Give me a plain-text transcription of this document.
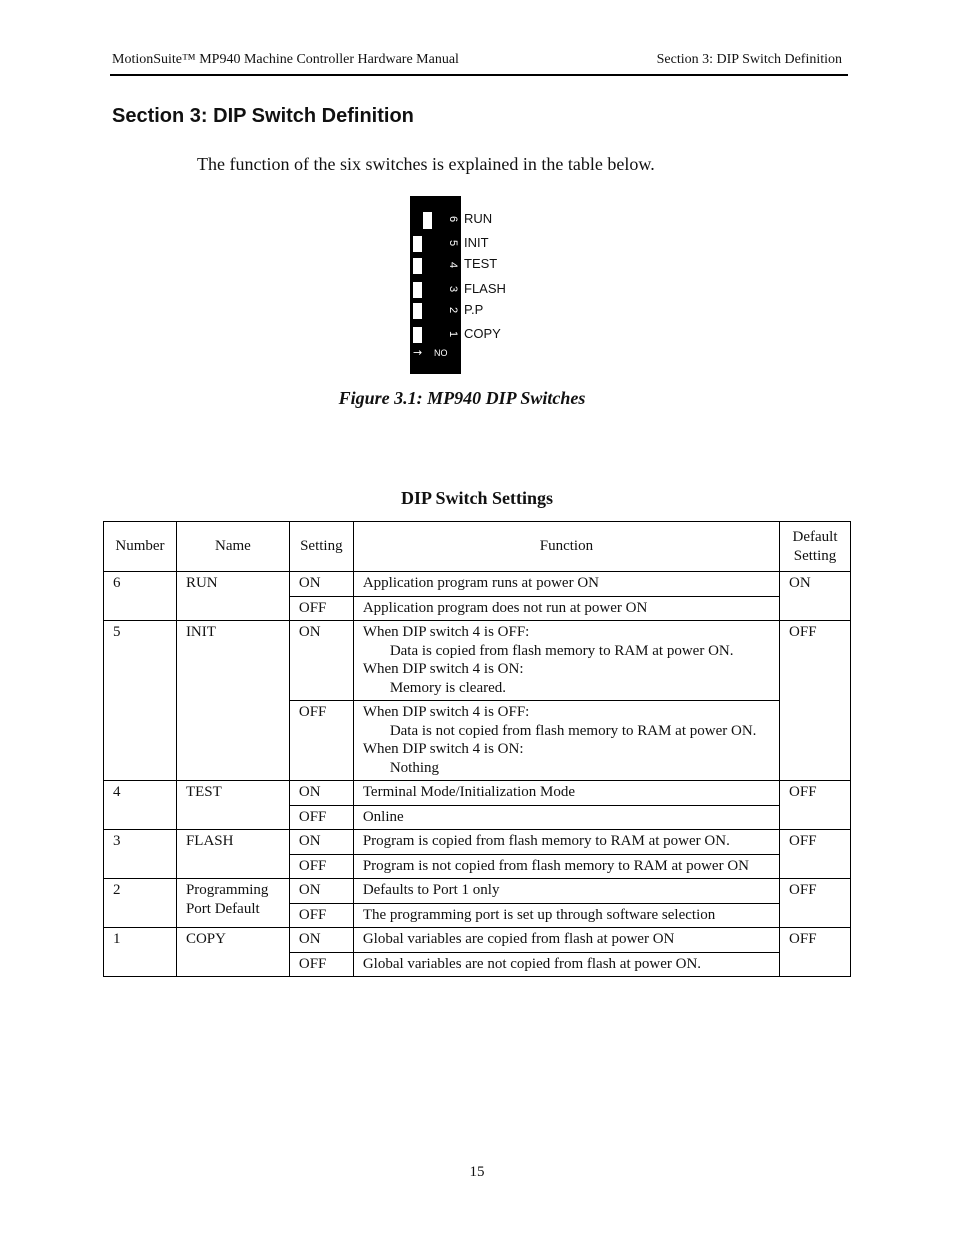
MotionSuite™ MP940 Machine Controller Hardware Manual	Section 3: DIP Switch Definition
Section 3: DIP Switch Definition
The function of the six switches is explained in the table below.
6
5
4
3
2
1
→ NO
RUN
INIT
TEST
FLASH
P.P
COPY
Figure 3.1: MP940 DIP Switches
DIP Switch Settings
Number	Name	Setting	Function	Default Setting
6	RUN	ON	Application program runs at power ON	ON
		OFF	Application program does not run at power ON	
5	INIT	ON	When DIP switch 4 is OFF:
Data is copied from flash memory to RAM at power ON.
When DIP switch 4 is ON:
Memory is cleared.	OFF
		OFF	When DIP switch 4 is OFF:
Data is not copied from flash memory to RAM at power ON.
When DIP switch 4 is ON:
Nothing	

4	TEST	ON	Terminal Mode/Initialization Mode	OFF
		OFF	Online	
3	FLASH	ON	Program is copied from flash memory to RAM at power ON.	OFF
		OFF	Program is not copied from flash memory to RAM at power ON	
2	Programming Port Default	ON	Defaults to Port 1 only	OFF
		OFF	The programming port is set up through software selection	
1	COPY	ON	Global variables are copied from flash at power ON	OFF
		OFF	Global variables are not copied from flash at power ON.	
15
